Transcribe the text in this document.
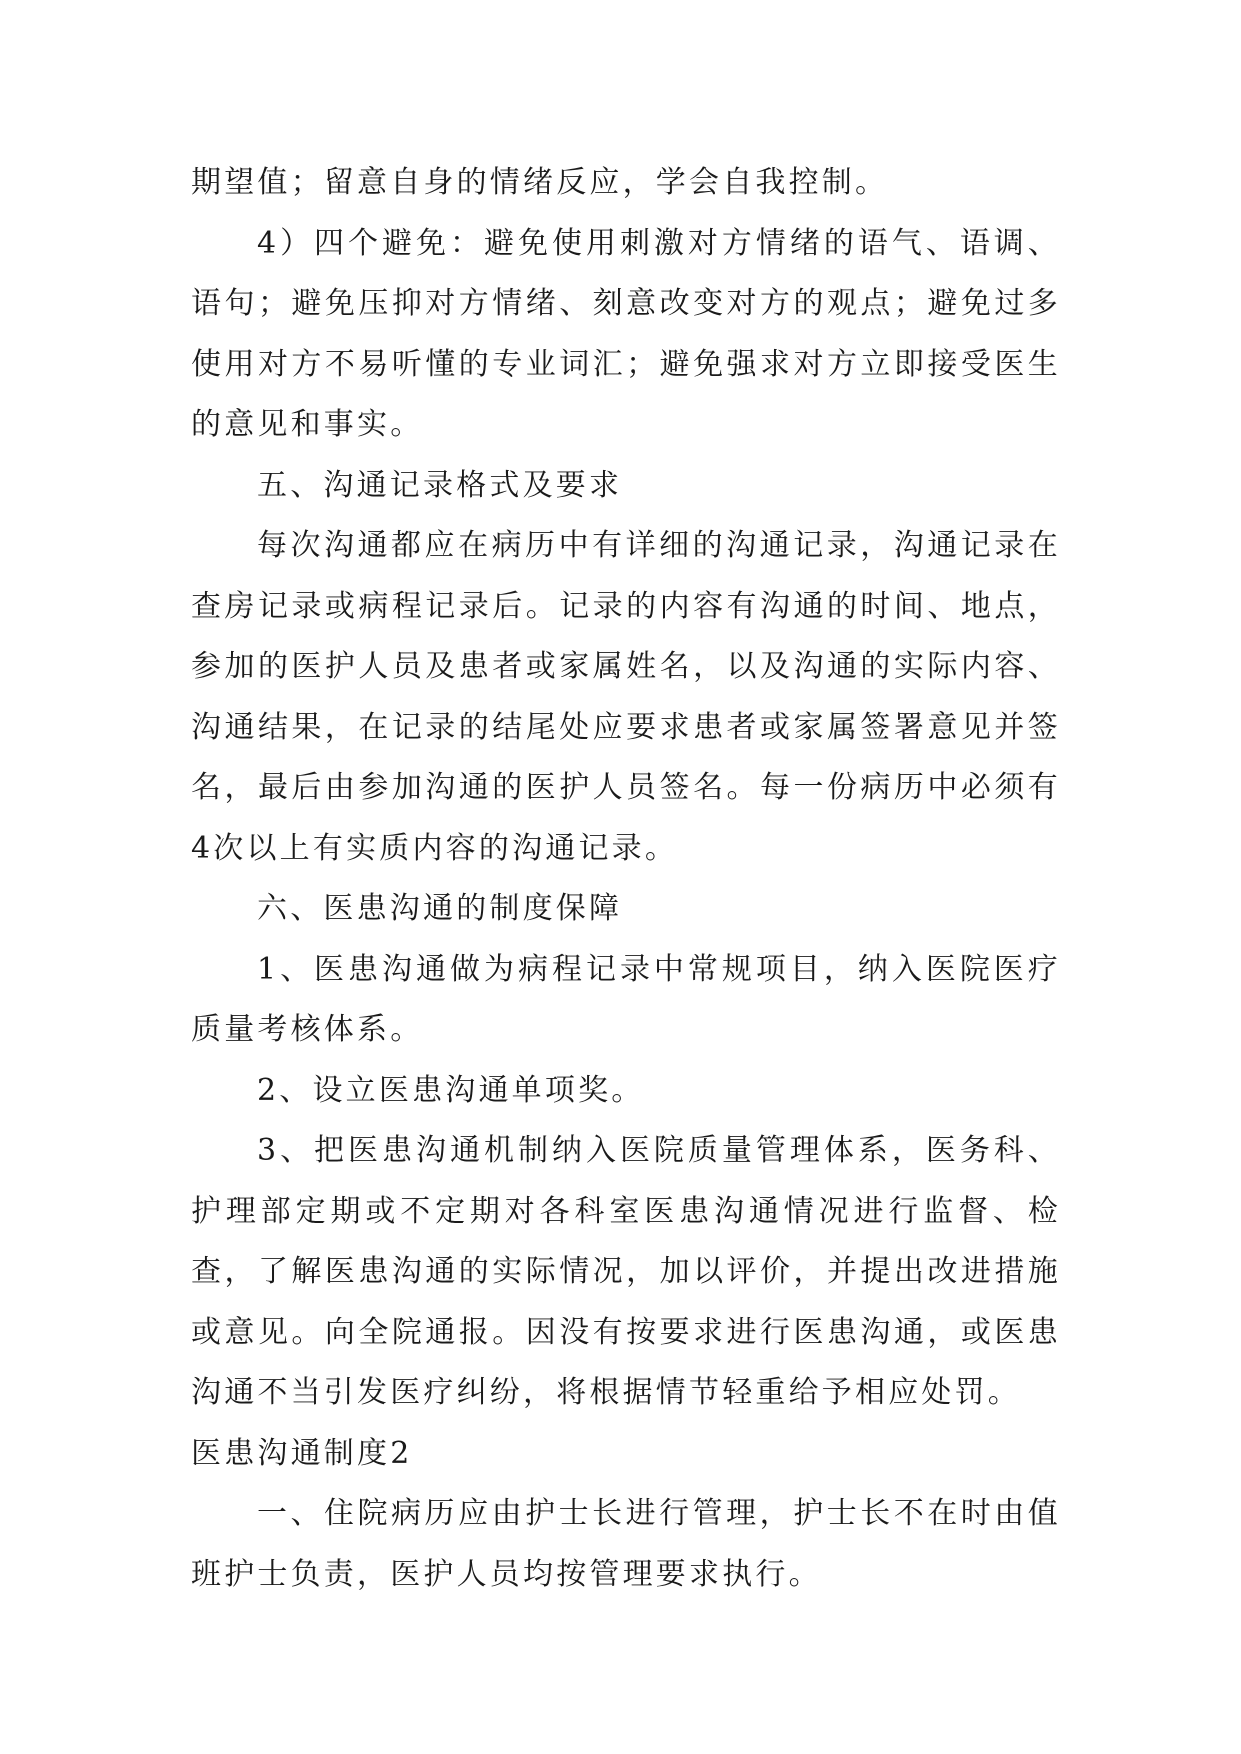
期望值；留意自身的情绪反应，学会自我控制。

4）四个避免：避免使用刺激对方情绪的语气、语调、语句；避免压抑对方情绪、刻意改变对方的观点；避免过多使用对方不易听懂的专业词汇；避免强求对方立即接受医生的意见和事实。

五、沟通记录格式及要求

每次沟通都应在病历中有详细的沟通记录，沟通记录在查房记录或病程记录后。记录的内容有沟通的时间、地点，参加的医护人员及患者或家属姓名，以及沟通的实际内容、沟通结果，在记录的结尾处应要求患者或家属签署意见并签名，最后由参加沟通的医护人员签名。每一份病历中必须有4次以上有实质内容的沟通记录。

六、医患沟通的制度保障

1、医患沟通做为病程记录中常规项目，纳入医院医疗质量考核体系。

2、设立医患沟通单项奖。

3、把医患沟通机制纳入医院质量管理体系，医务科、护理部定期或不定期对各科室医患沟通情况进行监督、检查，了解医患沟通的实际情况，加以评价，并提出改进措施或意见。向全院通报。因没有按要求进行医患沟通，或医患沟通不当引发医疗纠纷，将根据情节轻重给予相应处罚。

医患沟通制度2

一、住院病历应由护士长进行管理，护士长不在时由值班护士负责，医护人员均按管理要求执行。
